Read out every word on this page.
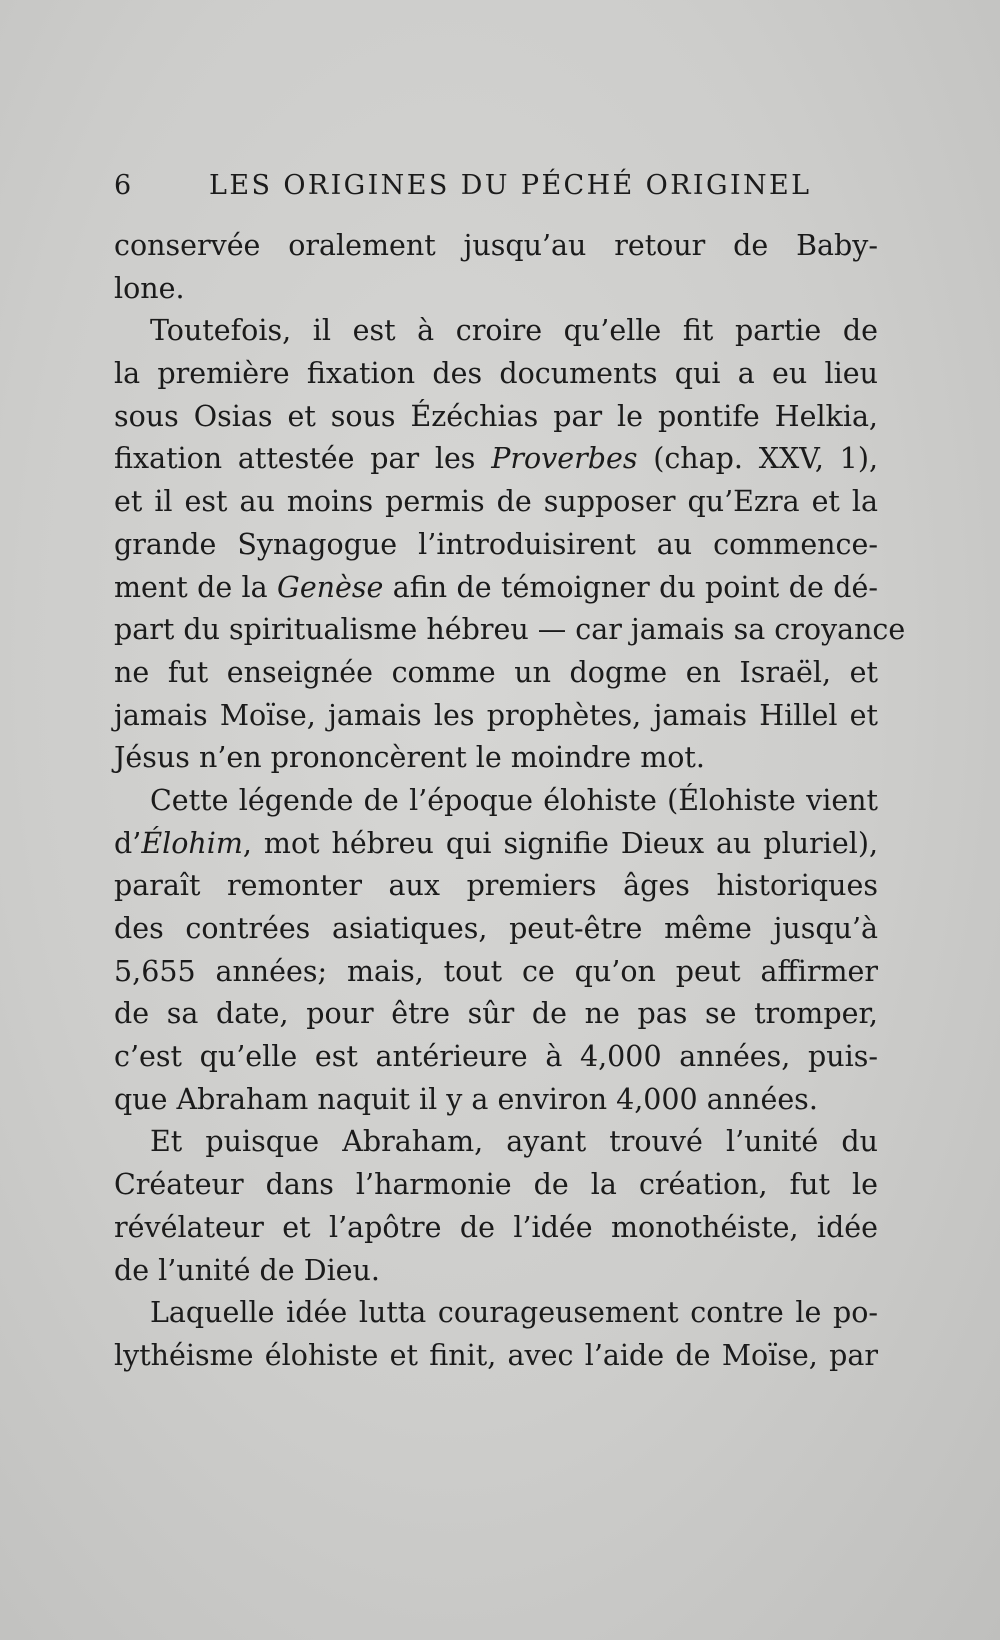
6	LES ORIGINES DU PÉCHÉ ORIGINEL
conservée oralement jusqu’au retour de Baby-
lone.
Toutefois, il est à croire qu’elle fit partie de
la première fixation des documents qui a eu lieu
sous Osias et sous Ézéchias par le pontife Helkia,
fixation attestée par les Proverbes (chap. XXV, 1),
et il est au moins permis de supposer qu’Ezra et la
grande Synagogue l’introduisirent au commence-
ment de la Genèse afin de témoigner du point de dé-
part du spiritualisme hébreu — car jamais sa croyance
ne fut enseignée comme un dogme en Israël, et
jamais Moïse, jamais les prophètes, jamais Hillel et
Jésus n’en prononcèrent le moindre mot.
Cette légende de l’époque élohiste (Élohiste vient
d’Élohim, mot hébreu qui signifie Dieux au pluriel),
paraît remonter aux premiers âges historiques
des contrées asiatiques, peut-être même jusqu’à
5,655 années; mais, tout ce qu’on peut affirmer
de sa date, pour être sûr de ne pas se tromper,
c’est qu’elle est antérieure à 4,000 années, puis-
que Abraham naquit il y a environ 4,000 années.
Et puisque Abraham, ayant trouvé l’unité du
Créateur dans l’harmonie de la création, fut le
révélateur et l’apôtre de l’idée monothéiste, idée
de l’unité de Dieu.
Laquelle idée lutta courageusement contre le po-
lythéisme élohiste et finit, avec l’aide de Moïse, par
